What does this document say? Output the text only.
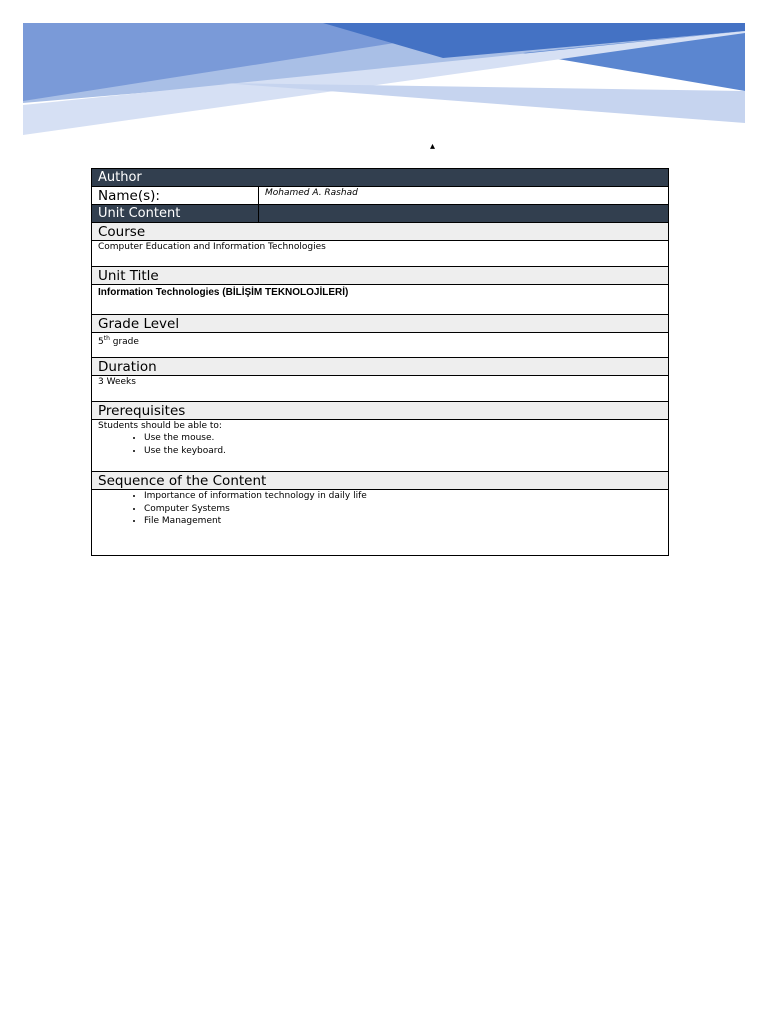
▴
Author
Name(s):	Mohamed A. Rashad
Unit Content
Course
Computer Education and Information Technologies
Unit Title
Information Technologies (BİLİŞİM TEKNOLOJİLERİ)
Grade Level
5th grade
Duration
3 Weeks
Prerequisites
Students should be able to:
• Use the mouse.
• Use the keyboard.
Sequence of the Content
• Importance of information technology in daily life
• Computer Systems
• File Management
